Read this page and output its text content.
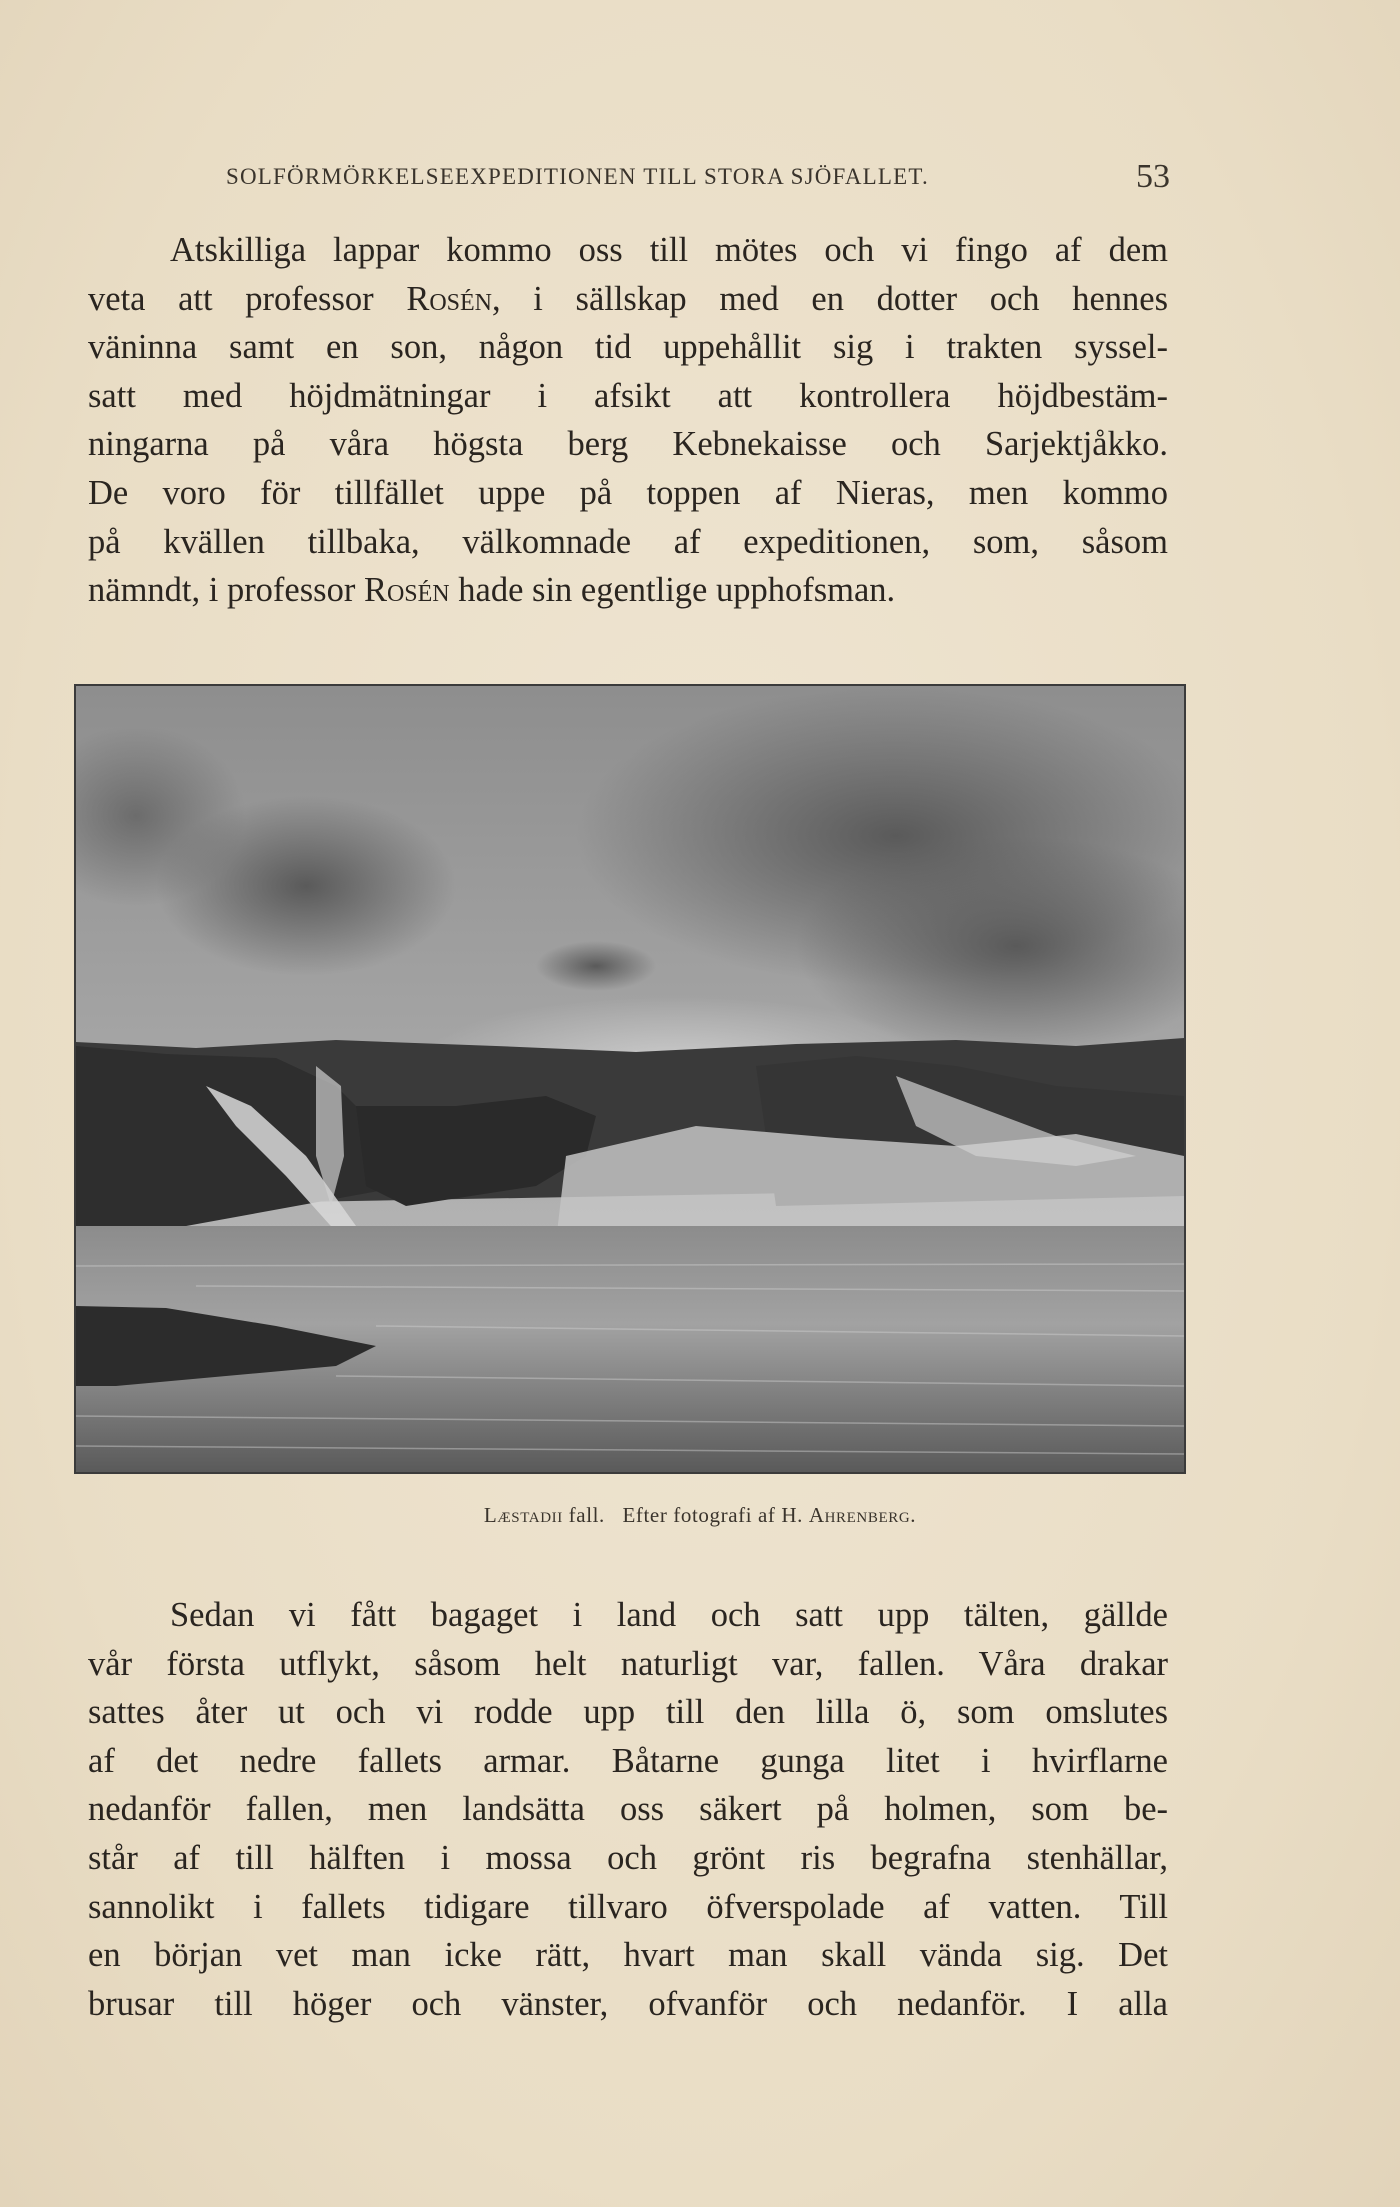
SOLFÖRMÖRKELSEEXPEDITIONEN TILL STORA SJÖFALLET.	53
Atskilliga lappar kommo oss till mötes och vi fingo af dem
veta att professor Rosén, i sällskap med en dotter och hennes
väninna samt en son, någon tid uppehållit sig i trakten syssel-
satt med höjdmätningar i afsikt att kontrollera höjdbestäm-
ningarna på våra högsta berg Kebnekaisse och Sarjektjåkko.
De voro för tillfället uppe på toppen af Nieras, men kommo
på kvällen tillbaka, välkomnade af expeditionen, som, såsom
nämndt, i professor Rosén hade sin egentlige upphofsman.
Læstadii fall.   Efter fotografi af H. Ahrenberg.
Sedan vi fått bagaget i land och satt upp tälten, gällde
vår första utflykt, såsom helt naturligt var, fallen. Våra drakar
sattes åter ut och vi rodde upp till den lilla ö, som omslutes
af det nedre fallets armar. Båtarne gunga litet i hvirflarne
nedanför fallen, men landsätta oss säkert på holmen, som be-
står af till hälften i mossa och grönt ris begrafna stenhällar,
sannolikt i fallets tidigare tillvaro öfverspolade af vatten. Till
en början vet man icke rätt, hvart man skall vända sig. Det
brusar till höger och vänster, ofvanför och nedanför. I alla
